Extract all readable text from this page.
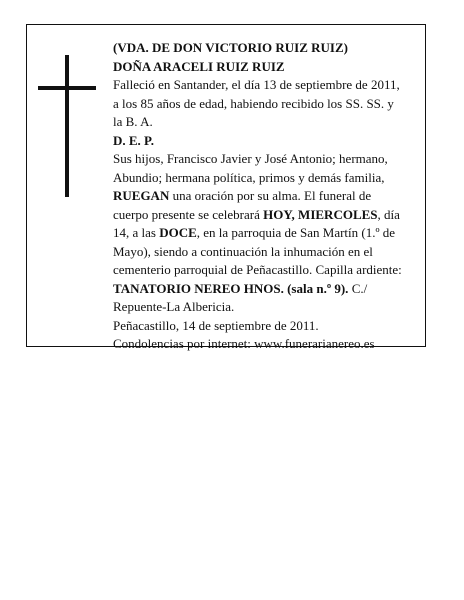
(VDA. DE DON VICTORIO RUIZ RUIZ)
DOÑA ARACELI RUIZ RUIZ
Falleció en Santander, el día 13 de septiembre de 2011,
a los 85 años de edad, habiendo recibido los SS. SS. y
la B. A.
D. E. P.
Sus hijos, Francisco Javier y José Antonio; hermano,
Abundio; hermana política, primos y demás familia,
RUEGAN una oración por su alma. El funeral de
cuerpo presente se celebrará HOY, MIERCOLES, día
14, a las DOCE, en la parroquia de San Martín (1.º de
Mayo), siendo a continuación la inhumación en el
cementerio parroquial de Peñacastillo. Capilla ardiente:
TANATORIO NEREO HNOS. (sala n.º 9). C./
Repuente-La Albericia.
Peñacastillo, 14 de septiembre de 2011.
Condolencias por internet: www.funerarianereo.es
